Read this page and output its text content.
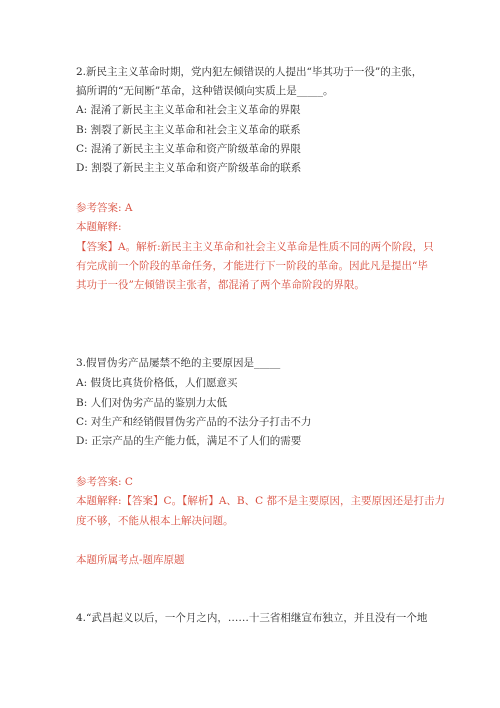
2.新民主主义革命时期，党内犯左倾错误的人提出“毕其功于一役”的主张，
搞所谓的“无间断”革命，这种错误倾向实质上是_____。
A: 混淆了新民主主义革命和社会主义革命的界限
B: 割裂了新民主主义革命和社会主义革命的联系
C: 混淆了新民主主义革命和资产阶级革命的界限
D: 割裂了新民主主义革命和资产阶级革命的联系
参考答案: A
本题解释:
【答案】A。解析:新民主主义革命和社会主义革命是性质不同的两个阶段，只
有完成前一个阶段的革命任务，才能进行下一阶段的革命。因此凡是提出“毕
其功于一役”左倾错误主张者，都混淆了两个革命阶段的界限。
3.假冒伪劣产品屡禁不绝的主要原因是_____
A: 假货比真货价格低，人们愿意买
B: 人们对伪劣产品的鉴别力太低
C: 对生产和经销假冒伪劣产品的不法分子打击不力
D: 正宗产品的生产能力低，满足不了人们的需要
参考答案: C
本题解释:【答案】C。【解析】A、B、C 都不是主要原因，主要原因还是打击力
度不够，不能从根本上解决问题。
本题所属考点-题库原题
4.“武昌起义以后，一个月之内，……十三省相继宣布独立，并且没有一个地
